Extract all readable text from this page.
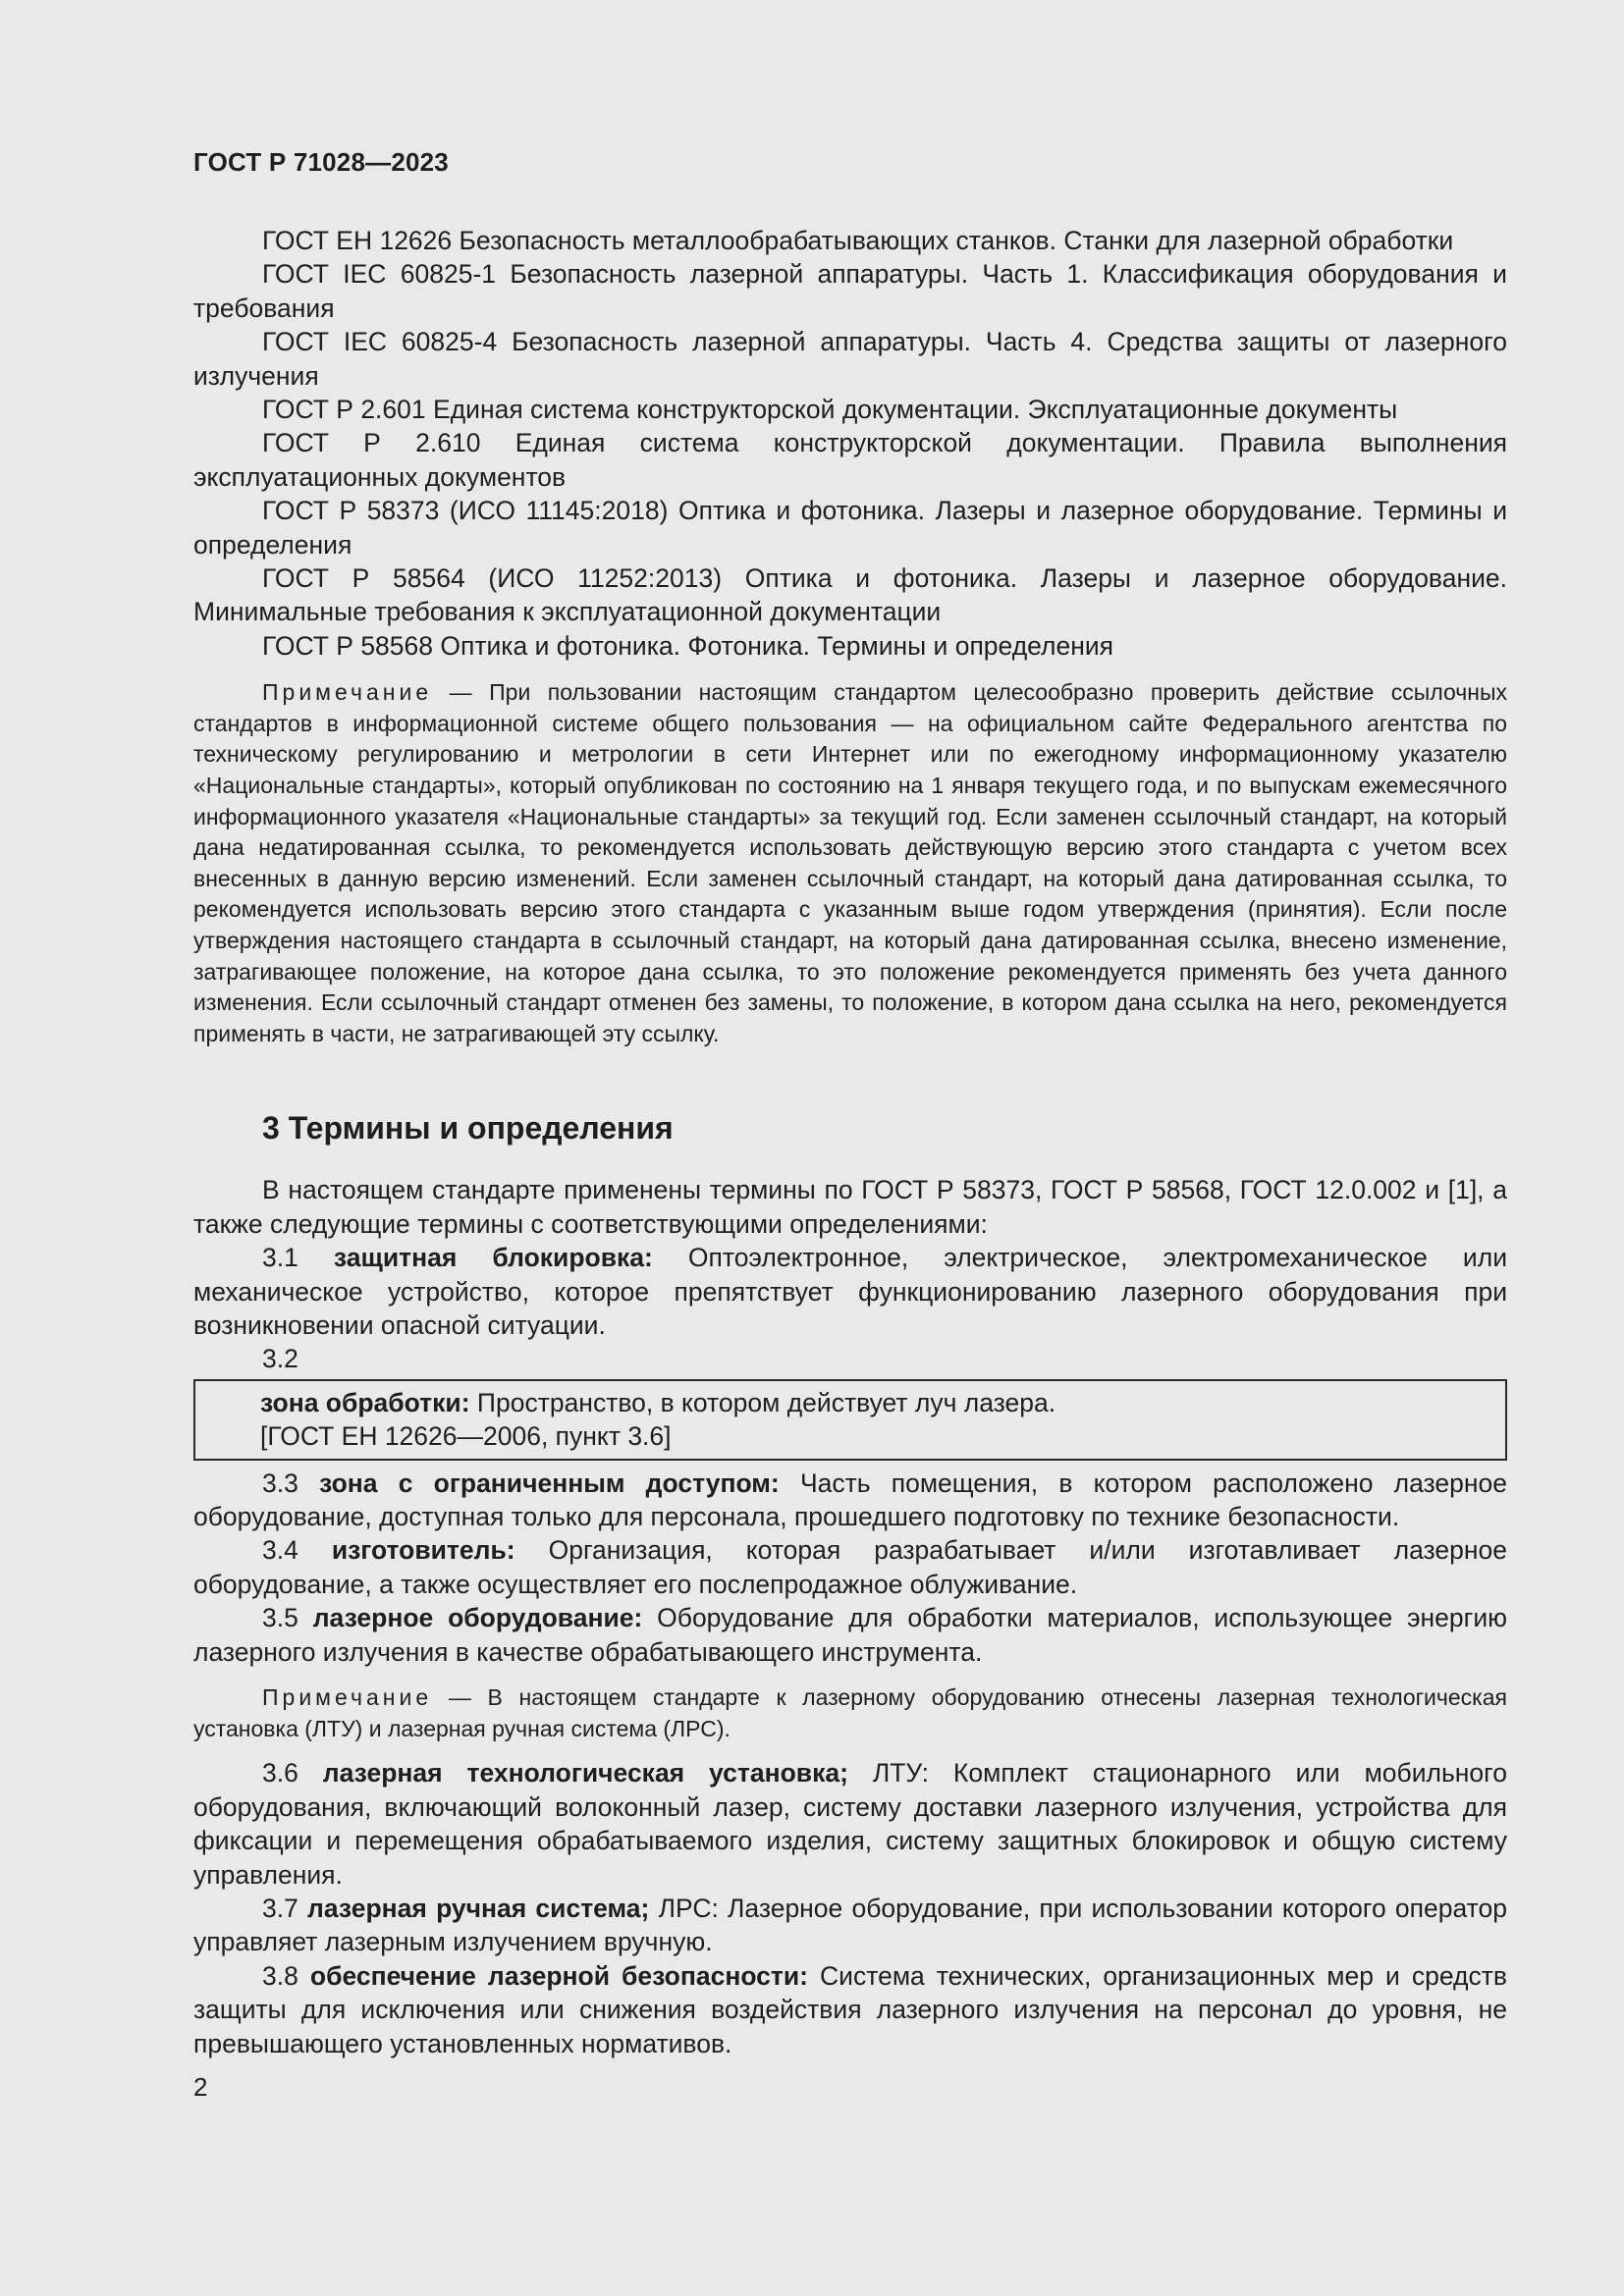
ГОСТ Р 71028—2023

ГОСТ ЕН 12626 Безопасность металлообрабатывающих станков. Станки для лазерной обработки

ГОСТ IEC 60825-1 Безопасность лазерной аппаратуры. Часть 1. Классификация оборудования и требования

ГОСТ IEC 60825-4 Безопасность лазерной аппаратуры. Часть 4. Средства защиты от лазерного излучения

ГОСТ Р 2.601 Единая система конструкторской документации. Эксплуатационные документы

ГОСТ Р 2.610 Единая система конструкторской документации. Правила выполнения эксплуатационных документов

ГОСТ Р 58373 (ИСО 11145:2018) Оптика и фотоника. Лазеры и лазерное оборудование. Термины и определения

ГОСТ Р 58564 (ИСО 11252:2013) Оптика и фотоника. Лазеры и лазерное оборудование. Минимальные требования к эксплуатационной документации

ГОСТ Р 58568 Оптика и фотоника. Фотоника. Термины и определения

Примечание — При пользовании настоящим стандартом целесообразно проверить действие ссылочных стандартов в информационной системе общего пользования — на официальном сайте Федерального агентства по техническому регулированию и метрологии в сети Интернет или по ежегодному информационному указателю «Национальные стандарты», который опубликован по состоянию на 1 января текущего года, и по выпускам ежемесячного информационного указателя «Национальные стандарты» за текущий год. Если заменен ссылочный стандарт, на который дана недатированная ссылка, то рекомендуется использовать действующую версию этого стандарта с учетом всех внесенных в данную версию изменений. Если заменен ссылочный стандарт, на который дана датированная ссылка, то рекомендуется использовать версию этого стандарта с указанным выше годом утверждения (принятия). Если после утверждения настоящего стандарта в ссылочный стандарт, на который дана датированная ссылка, внесено изменение, затрагивающее положение, на которое дана ссылка, то это положение рекомендуется применять без учета данного изменения. Если ссылочный стандарт отменен без замены, то положение, в котором дана ссылка на него, рекомендуется применять в части, не затрагивающей эту ссылку.

3 Термины и определения

В настоящем стандарте применены термины по ГОСТ Р 58373, ГОСТ Р 58568, ГОСТ 12.0.002 и [1], а также следующие термины с соответствующими определениями:

3.1 защитная блокировка: Оптоэлектронное, электрическое, электромеханическое или механическое устройство, которое препятствует функционированию лазерного оборудования при возникновении опасной ситуации.

3.2

зона обработки: Пространство, в котором действует луч лазера.

[ГОСТ ЕН 12626—2006, пункт 3.6]

3.3 зона с ограниченным доступом: Часть помещения, в котором расположено лазерное оборудование, доступная только для персонала, прошедшего подготовку по технике безопасности.

3.4 изготовитель: Организация, которая разрабатывает и/или изготавливает лазерное оборудование, а также осуществляет его послепродажное облуживание.

3.5 лазерное оборудование: Оборудование для обработки материалов, использующее энергию лазерного излучения в качестве обрабатывающего инструмента.

Примечание — В настоящем стандарте к лазерному оборудованию отнесены лазерная технологическая установка (ЛТУ) и лазерная ручная система (ЛРС).

3.6 лазерная технологическая установка; ЛТУ: Комплект стационарного или мобильного оборудования, включающий волоконный лазер, систему доставки лазерного излучения, устройства для фиксации и перемещения обрабатываемого изделия, систему защитных блокировок и общую систему управления.

3.7 лазерная ручная система; ЛРС: Лазерное оборудование, при использовании которого оператор управляет лазерным излучением вручную.

3.8 обеспечение лазерной безопасности: Система технических, организационных мер и средств защиты для исключения или снижения воздействия лазерного излучения на персонал до уровня, не превышающего установленных нормативов.

2
